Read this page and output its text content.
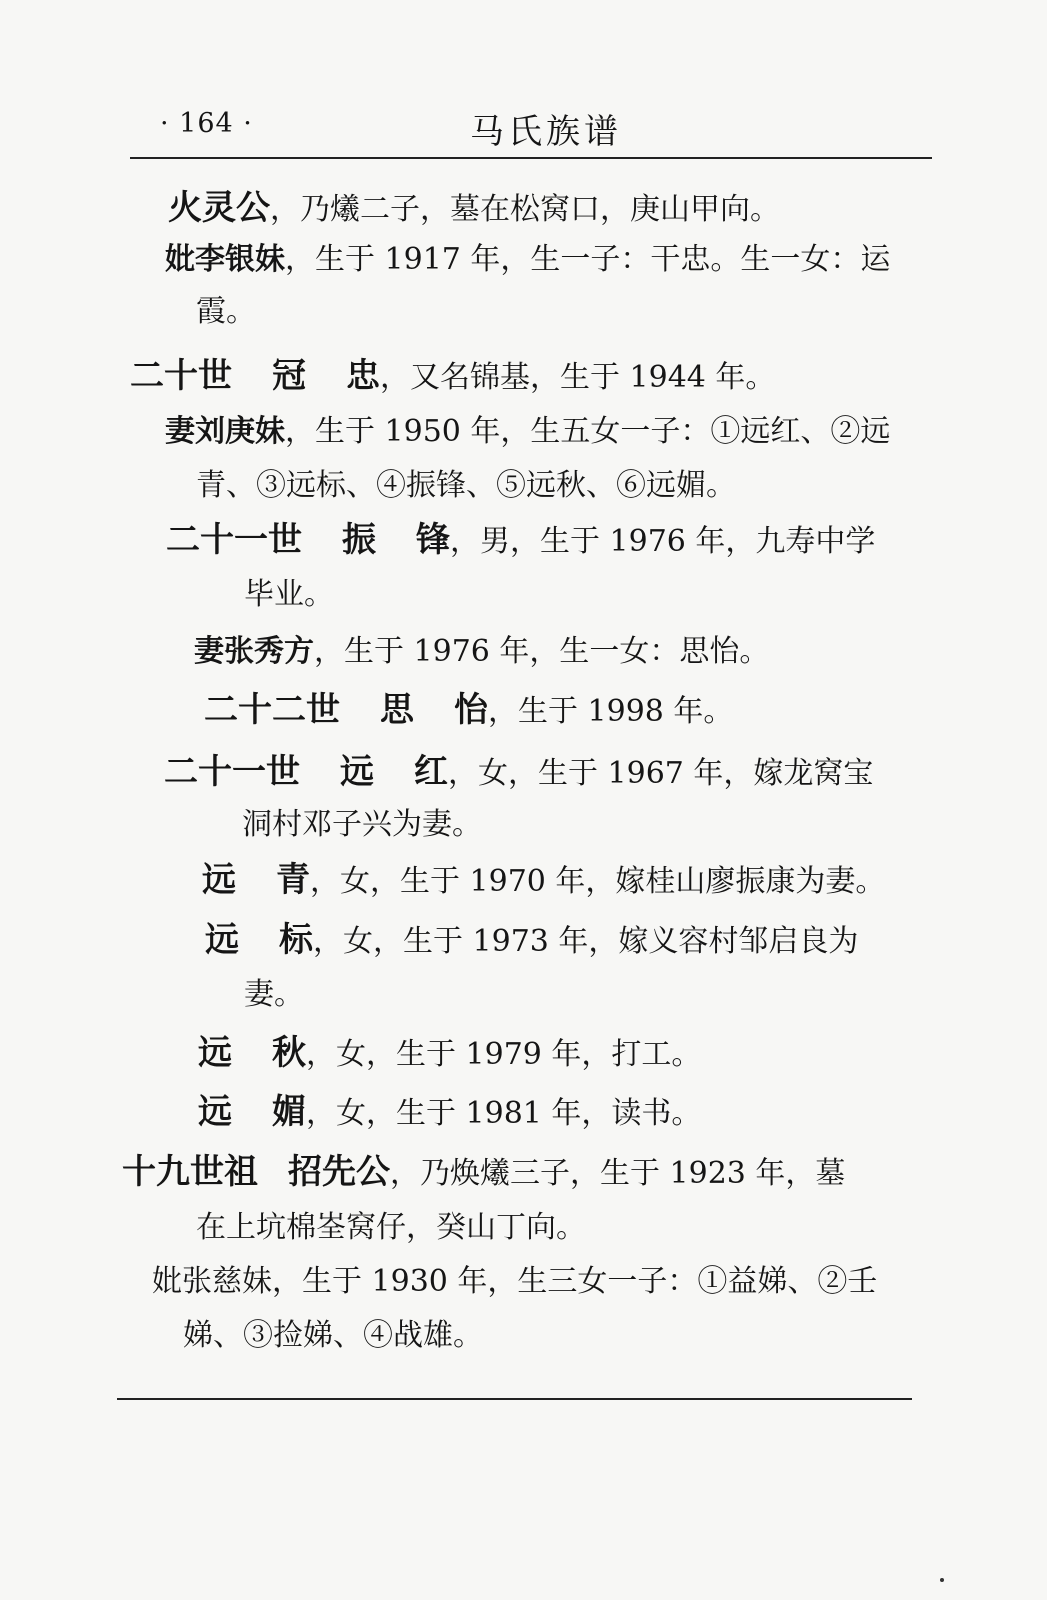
· 164 ·	马氏族谱
火灵公，乃爔二子，墓在松窝口，庚山甲向。
妣李银妹，生于 1917 年，生一子：干忠。生一女：运
霞。
二十世 冠 忠，又名锦基，生于 1944 年。
妻刘庚妹，生于 1950 年，生五女一子：①远红、②远
青、③远标、④振锋、⑤远秋、⑥远媚。
二十一世 振 锋，男，生于 1976 年，九寿中学
毕业。
妻张秀方，生于 1976 年，生一女：思怡。
二十二世 思 怡，生于 1998 年。
二十一世 远 红，女，生于 1967 年，嫁龙窝宝
洞村邓子兴为妻。
远 青，女，生于 1970 年，嫁桂山廖振康为妻。
远 标，女，生于 1973 年，嫁义容村邹启良为
妻。
远 秋，女，生于 1979 年，打工。
远 媚，女，生于 1981 年，读书。
十九世祖 招先公，乃焕爔三子，生于 1923 年，墓
在上坑棉峑窝仔，癸山丁向。
妣张慈妹，生于 1930 年，生三女一子：①益娣、②壬
娣、③捡娣、④战雄。
